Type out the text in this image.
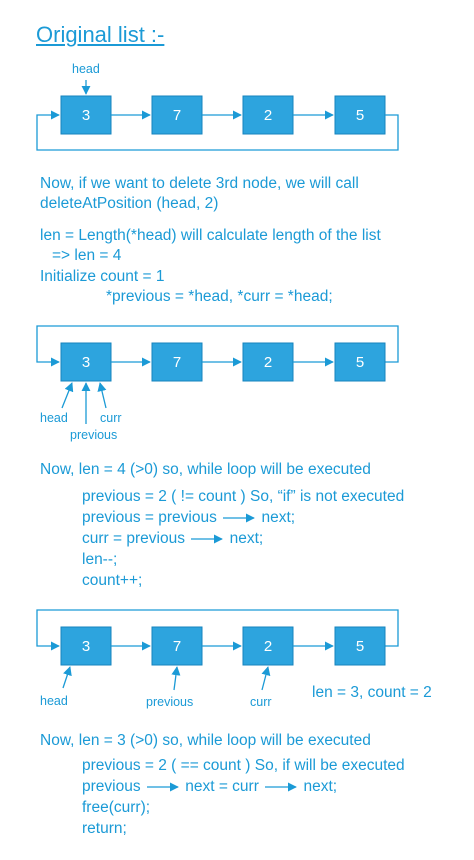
Original list :-
head
3	7	2	5
Now, if we want to delete 3rd node, we will call
deleteAtPosition (head, 2)
len = Length(*head) will calculate length of the list
=> len = 4
Initialize count = 1
*previous = *head, *curr = *head;
3	7	2	5
head	curr
previous
Now, len = 4 (>0) so, while loop will be executed
previous = 2 ( != count ) So, “if” is not executed
previous = previous	next;
curr = previous	next;
len--;
count++;
3	7	2	5
head	previous	curr
len = 3, count = 2
Now, len = 3 (>0) so, while loop will be executed
previous = 2 ( == count ) So, if will be executed
previous	next = curr	next;
free(curr);
return;
